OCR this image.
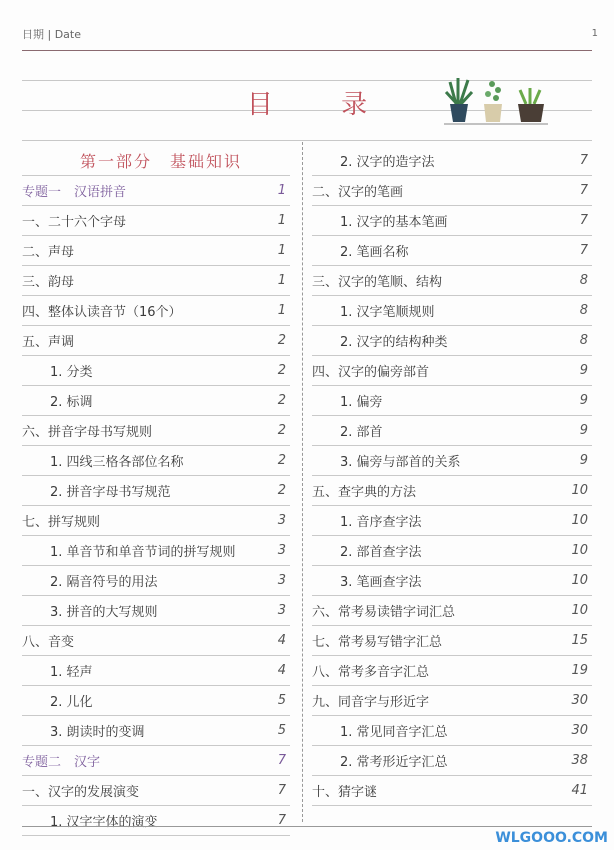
日期 | Date	1
目 录
第一部分　基础知识
专题一　汉语拼音	1
一、二十六个字母	1
二、声母	1
三、韵母	1
四、整体认读音节（16个）	1
五、声调	2
1. 分类	2
2. 标调	2
六、拼音字母书写规则	2
1. 四线三格各部位名称	2
2. 拼音字母书写规范	2
七、拼写规则	3
1. 单音节和单音节词的拼写规则	3
2. 隔音符号的用法	3
3. 拼音的大写规则	3
八、音变	4
1. 轻声	4
2. 儿化	5
3. 朗读时的变调	5
专题二　汉字	7
一、汉字的发展演变	7
1. 汉字字体的演变	7
2. 汉字的造字法	7
二、汉字的笔画	7
1. 汉字的基本笔画	7
2. 笔画名称	7
三、汉字的笔顺、结构	8
1. 汉字笔顺规则	8
2. 汉字的结构种类	8
四、汉字的偏旁部首	9
1. 偏旁	9
2. 部首	9
3. 偏旁与部首的关系	9
五、查字典的方法	10
1. 音序查字法	10
2. 部首查字法	10
3. 笔画查字法	10
六、常考易读错字词汇总	10
七、常考易写错字汇总	15
八、常考多音字汇总	19
九、同音字与形近字	30
1. 常见同音字汇总	30
2. 常考形近字汇总	38
十、猜字谜	41
WLGOOO.COM
